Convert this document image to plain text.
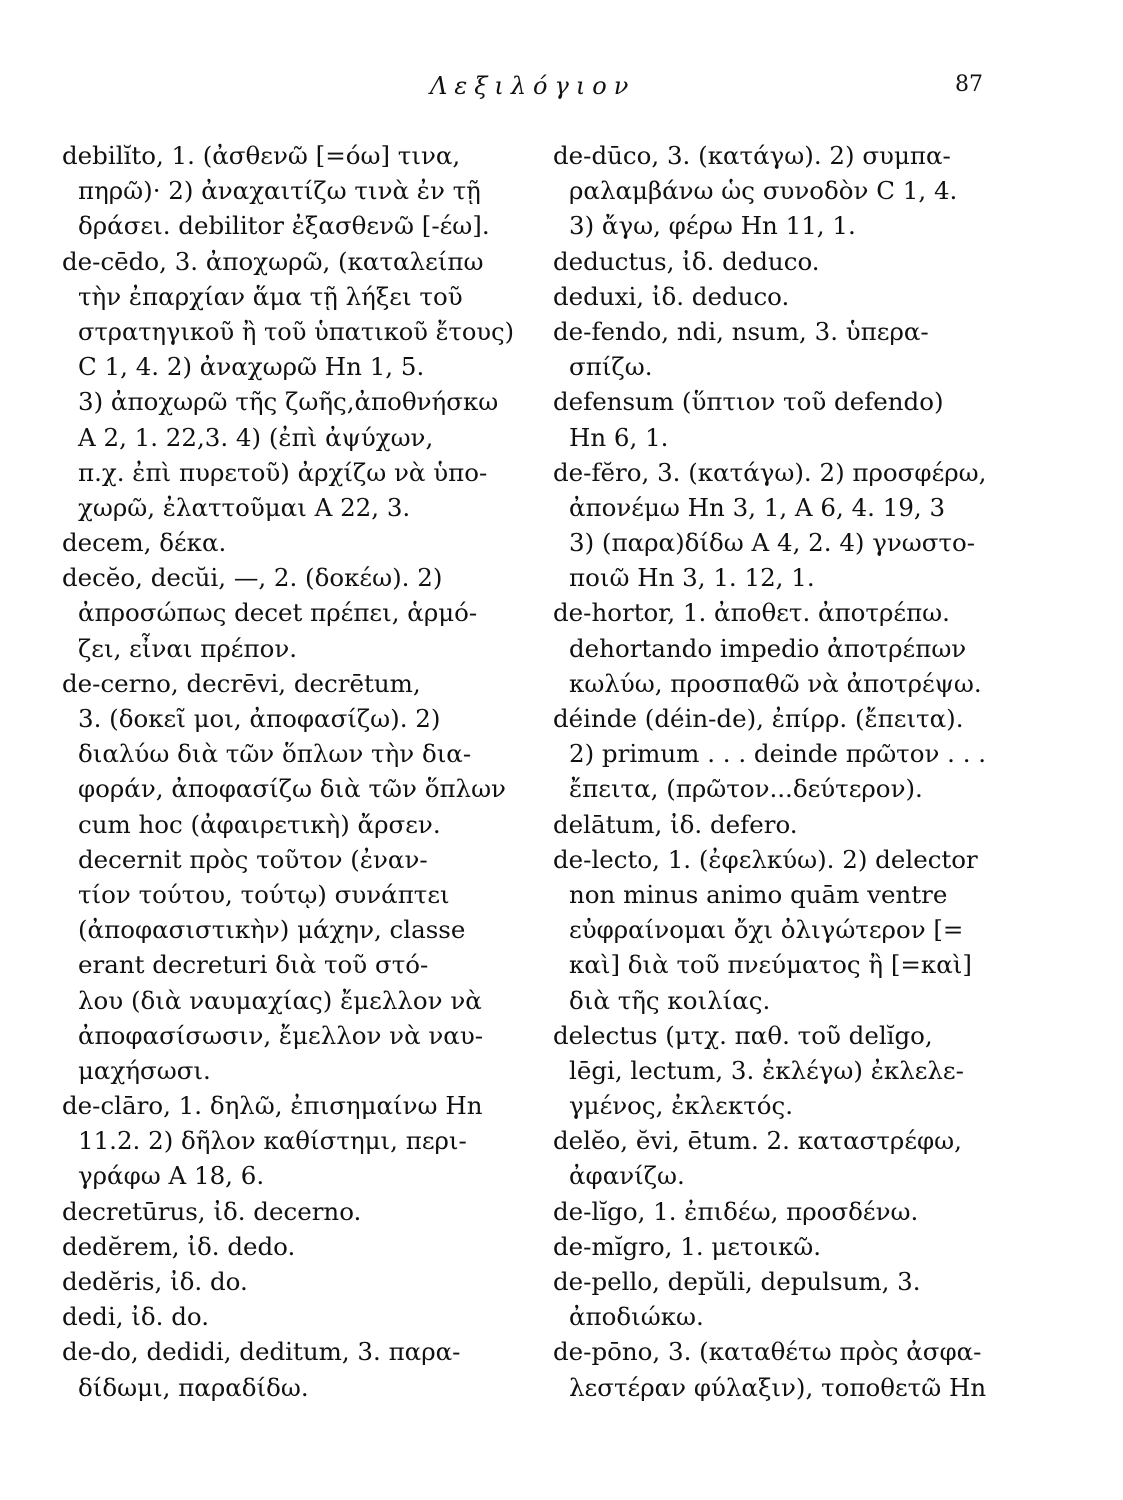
Λεξιλόγιον	87
debilĭto, 1. (ἀσθενῶ [=όω] τινα,
πηρῶ)· 2) ἀναχαιτίζω τινὰ ἐν τῇ
δράσει. debilitor ἐξασθενῶ [-έω].
de-cēdo, 3. ἀποχωρῶ, (καταλείπω
τὴν ἐπαρχίαν ἅμα τῇ λήξει τοῦ
στρατηγικοῦ ἢ τοῦ ὑπατικοῦ ἔτους)
C 1, 4. 2) ἀναχωρῶ Hn 1, 5.
3) ἀποχωρῶ τῆς ζωῆς,ἀποθνήσκω
A 2, 1. 22,3. 4) (ἐπὶ ἀψύχων,
π.χ. ἐπὶ πυρετοῦ) ἀρχίζω νὰ ὑπο-
χωρῶ, ἐλαττοῦμαι A 22, 3.
decem, δέκα.
decĕo, decŭi, —, 2. (δοκέω). 2)
ἀπροσώπως decet πρέπει, ἁρμό-
ζει, εἶναι πρέπον.
de-cerno, decrēvi, decrētum,
3. (δοκεῖ μοι, ἀποφασίζω). 2)
διαλύω διὰ τῶν ὅπλων τὴν δια-
φοράν, ἀποφασίζω διὰ τῶν ὅπλων
cum hoc (ἀφαιρετικὴ) ἄρσεν.
decernit πρὸς τοῦτον (ἐναν-
τίον τούτου, τούτῳ) συνάπτει
(ἀποφασιστικὴν) μάχην, classe
erant decreturi διὰ τοῦ στό-
λου (διὰ ναυμαχίας) ἔμελλον νὰ
ἀποφασίσωσιν, ἔμελλον νὰ ναυ-
μαχήσωσι.
de-clāro, 1. δηλῶ, ἐπισημαίνω Hn
11.2. 2) δῆλον καθίστημι, περι-
γράφω A 18, 6.
decretūrus, ἰδ. decerno.
dedĕrem, ἰδ. dedo.
dedĕris, ἰδ. do.
dedi, ἰδ. do.
de-do, dedidi, deditum, 3. παρα-
δίδωμι, παραδίδω.
de-dūco, 3. (κατάγω). 2) συμπα-
ραλαμβάνω ὡς συνοδὸν C 1, 4.
3) ἄγω, φέρω Hn 11, 1.
deductus, ἰδ. deduco.
deduxi, ἰδ. deduco.
de-fendo, ndi, nsum, 3. ὑπερα-
σπίζω.
defensum (ὕπτιον τοῦ defendo)
Hn 6, 1.
de-fĕro, 3. (κατάγω). 2) προσφέρω,
ἀπονέμω Hn 3, 1, A 6, 4. 19, 3
3) (παρα)δίδω A 4, 2. 4) γνωστο-
ποιῶ Hn 3, 1. 12, 1.
de-hortor, 1. ἀποθετ. ἀποτρέπω.
dehortando impedio ἀποτρέπων
κωλύω, προσπαθῶ νὰ ἀποτρέψω.
déinde (déin-de), ἐπίρρ. (ἔπειτα).
2) primum . . . deinde πρῶτον . . .
ἔπειτα, (πρῶτον...δεύτερον).
delātum, ἰδ. defero.
de-lecto, 1. (ἐφελκύω). 2) delector
non minus animo quām ventre
εὐφραίνομαι ὄχι ὀλιγώτερον [=
καὶ] διὰ τοῦ πνεύματος ἢ [=καὶ]
διὰ τῆς κοιλίας.
delectus (μτχ. παθ. τοῦ delĭgo,
lēgi, lectum, 3. ἐκλέγω) ἐκλελε-
γμένος, ἐκλεκτός.
delĕo, ĕvi, ētum. 2. καταστρέφω,
ἀφανίζω.
de-lĭgo, 1. ἐπιδέω, προσδένω.
de-mĭgro, 1. μετοικῶ.
de-pello, depŭli, depulsum, 3.
ἀποδιώκω.
de-pōno, 3. (καταθέτω πρὸς ἀσφα-
λεστέραν φύλαξιν), τοποθετῶ Hn
